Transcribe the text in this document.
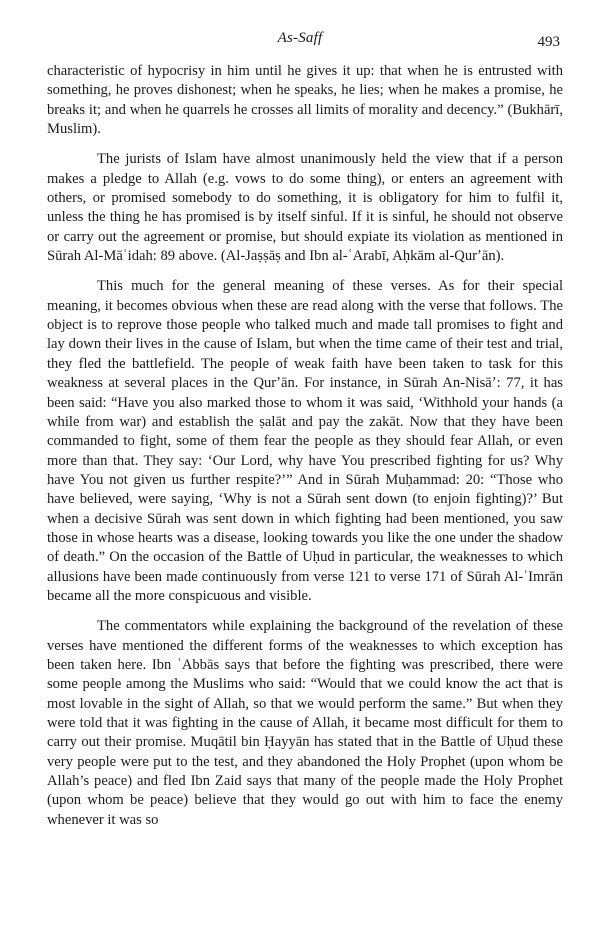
As-Saff	493

characteristic of hypocrisy in him until he gives it up: that when he is entrusted with something, he proves dishonest; when he speaks, he lies; when he makes a promise, he breaks it; and when he quarrels he crosses all limits of morality and decency.” (Bukhārī, Muslim).

The jurists of Islam have almost unanimously held the view that if a person makes a pledge to Allah (e.g. vows to do some thing), or enters an agreement with others, or promised somebody to do something, it is obligatory for him to fulfil it, unless the thing he has promised is by itself sinful. If it is sinful, he should not observe or carry out the agreement or promise, but should expiate its violation as mentioned in Sūrah Al-Māʿidah: 89 above. (Al-Jaṣṣāṣ and Ibn al-ʿArabī, Aḥkām al-Qurʼān).

This much for the general meaning of these verses. As for their special meaning, it becomes obvious when these are read along with the verse that follows. The object is to reprove those people who talked much and made tall promises to fight and lay down their lives in the cause of Islam, but when the time came of their test and trial, they fled the battlefield. The people of weak faith have been taken to task for this weakness at several places in the Qurʼān. For instance, in Sūrah An-Nisāʼ: 77, it has been said: “Have you also marked those to whom it was said, ‘Withhold your hands (a while from war) and establish the ṣalāt and pay the zakāt. Now that they have been commanded to fight, some of them fear the people as they should fear Allah, or even more than that. They say: ‘Our Lord, why have You prescribed fighting for us? Why have You not given us further respite?’” And in Sūrah Muḥammad: 20: “Those who have believed, were saying, ‘Why is not a Sūrah sent down (to enjoin fighting)?’ But when a decisive Sūrah was sent down in which fighting had been mentioned, you saw those in whose hearts was a disease, looking towards you like the one under the shadow of death.” On the occasion of the Battle of Uḥud in particular, the weaknesses to which allusions have been made continuously from verse 121 to verse 171 of Sūrah Al-ʿImrān became all the more conspicuous and visible.

The commentators while explaining the background of the revelation of these verses have mentioned the different forms of the weaknesses to which exception has been taken here. Ibn ʿAbbās says that before the fighting was prescribed, there were some people among the Muslims who said: “Would that we could know the act that is most lovable in the sight of Allah, so that we would perform the same.” But when they were told that it was fighting in the cause of Allah, it became most difficult for them to carry out their promise. Muqātil bin Ḥayyān has stated that in the Battle of Uḥud these very people were put to the test, and they abandoned the Holy Prophet (upon whom be Allah’s peace) and fled Ibn Zaid says that many of the people made the Holy Prophet (upon whom be peace) believe that they would go out with him to face the enemy whenever it was so
